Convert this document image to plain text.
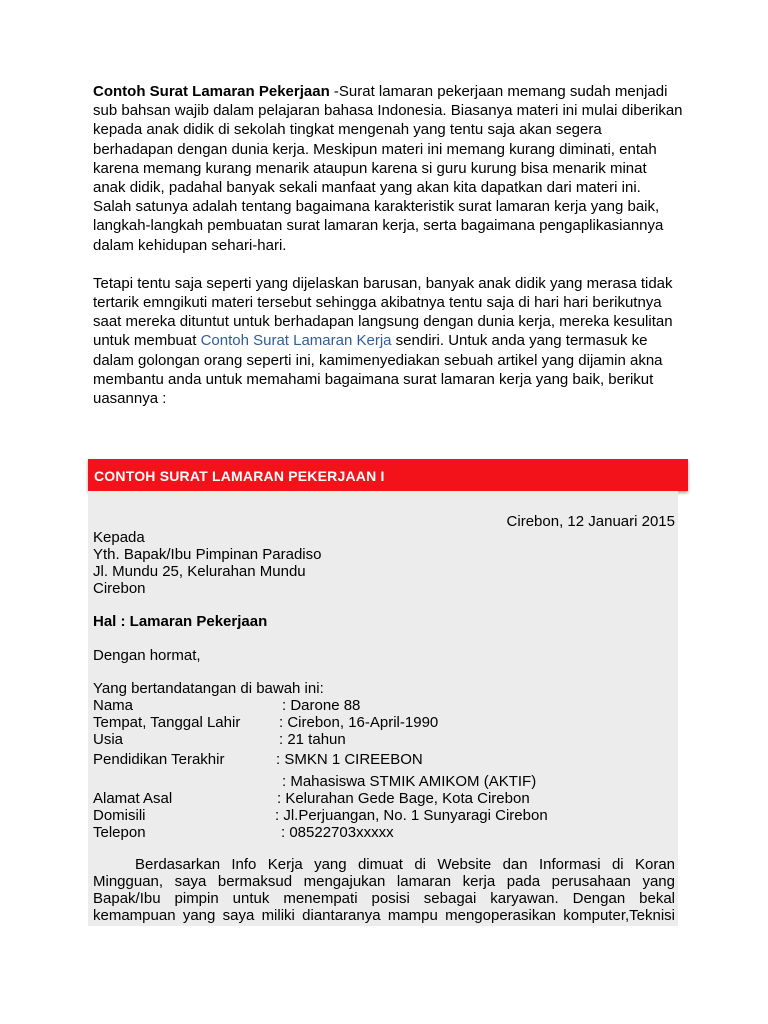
Contoh Surat Lamaran Pekerjaan -Surat lamaran pekerjaan memang sudah menjadi sub bahsan wajib dalam pelajaran bahasa Indonesia. Biasanya materi ini mulai diberikan kepada anak didik di sekolah tingkat mengenah yang tentu saja akan segera berhadapan dengan dunia kerja. Meskipun materi ini memang kurang diminati, entah karena memang kurang menarik ataupun karena si guru kurung bisa menarik minat anak didik, padahal banyak sekali manfaat yang akan kita dapatkan dari materi ini. Salah satunya adalah tentang bagaimana karakteristik surat lamaran kerja yang baik, langkah-langkah pembuatan surat lamaran kerja, serta bagaimana pengaplikasiannya dalam kehidupan sehari-hari.

Tetapi tentu saja seperti yang dijelaskan barusan, banyak anak didik yang merasa tidak tertarik emngikuti materi tersebut sehingga akibatnya tentu saja di hari hari berikutnya saat mereka dituntut untuk berhadapan langsung dengan dunia kerja, mereka kesulitan untuk membuat Contoh Surat Lamaran Kerja sendiri. Untuk anda yang termasuk ke dalam golongan orang seperti ini, kamimenyediakan sebuah artikel yang dijamin akna membantu anda untuk memahami bagaimana surat lamaran kerja yang baik, berikut uasannya :

CONTOH SURAT LAMARAN PEKERJAAN I
Cirebon, 12 Januari 2015
Kepada
Yth. Bapak/Ibu Pimpinan Paradiso
Jl. Mundu 25, Kelurahan Mundu
Cirebon
Hal : Lamaran Pekerjaan
Dengan hormat,
Yang bertandatangan di bawah ini:
Nama	: Darone 88
Tempat, Tanggal Lahir	: Cirebon, 16-April-1990
Usia	: 21 tahun
Pendidikan Terakhir	: SMKN 1 CIREEBON
: Mahasiswa STMIK AMIKOM (AKTIF)
Alamat Asal	: Kelurahan Gede Bage, Kota Cirebon
Domisili	: Jl.Perjuangan, No. 1 Sunyaragi Cirebon
Telepon	: 08522703xxxxx
Berdasarkan Info Kerja yang dimuat di Website dan Informasi di Koran
Mingguan, saya bermaksud mengajukan lamaran kerja pada perusahaan yang
Bapak/Ibu pimpin untuk menempati posisi sebagai karyawan. Dengan bekal
kemampuan yang saya miliki diantaranya mampu mengoperasikan komputer,Teknisi
